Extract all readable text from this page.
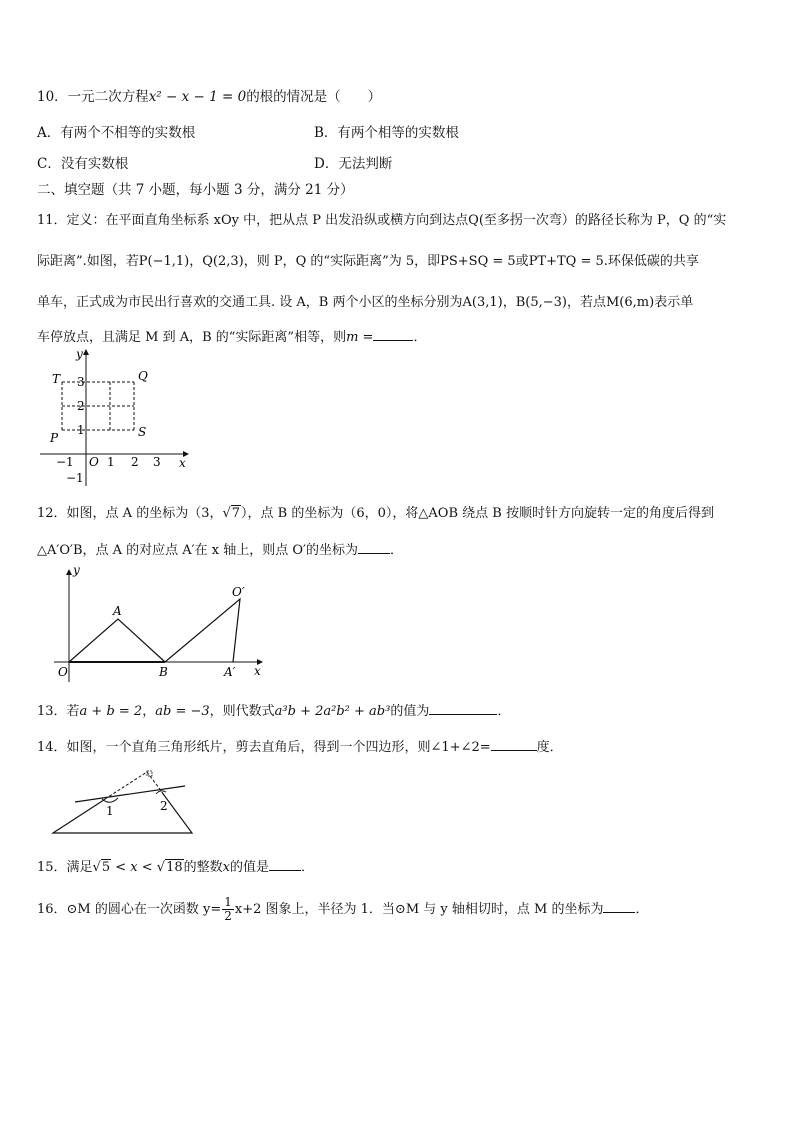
10．一元二次方程x² − x − 1 = 0的根的情况是（　　）
A．有两个不相等的实数根	B．有两个相等的实数根
C．没有实数根	D．无法判断
二、填空题（共 7 小题，每小题 3 分，满分 21 分）
11．定义：在平面直角坐标系 xOy 中，把从点 P 出发沿纵或横方向到达点Q(至多拐一次弯）的路径长称为 P，Q 的“实
际距离”.如图，若P(−1,1)，Q(2,3)，则 P，Q 的“实际距离”为 5，即PS+SQ = 5或PT+TQ = 5.环保低碳的共享
单车，正式成为市民出行喜欢的交通工具. 设 A，B 两个小区的坐标分别为A(3,1)，B(5,−3)，若点M(6,m)表示单
车停放点，且满足 M 到 A，B 的“实际距离”相等，则m =	．
−1	1 2 3
1
2
3
−1
O	x
y
T	Q
P	S
12．如图，点 A 的坐标为（3，√7），点 B 的坐标为（6，0），将△AOB 绕点 B 按顺时针方向旋转一定的角度后得到
△A′O′B，点 A 的对应点 A′在 x 轴上，则点 O′的坐标为 ．
y
x
O
A
B	A′
O′
13．若a + b = 2，ab = −3，则代数式a³b + 2a²b² + ab³的值为	．
14．如图，一个直角三角形纸片，剪去直角后，得到一个四边形，则∠1+∠2=	度．
1	2
15．满足√5 < x < √18的整数x的值是 ．
16．⊙M 的圆心在一次函数 $y= \frac{1}{2} x+2$ 图象上，半径为 1．当⊙M 与 y 轴相切时，点 M 的坐标为 ．
